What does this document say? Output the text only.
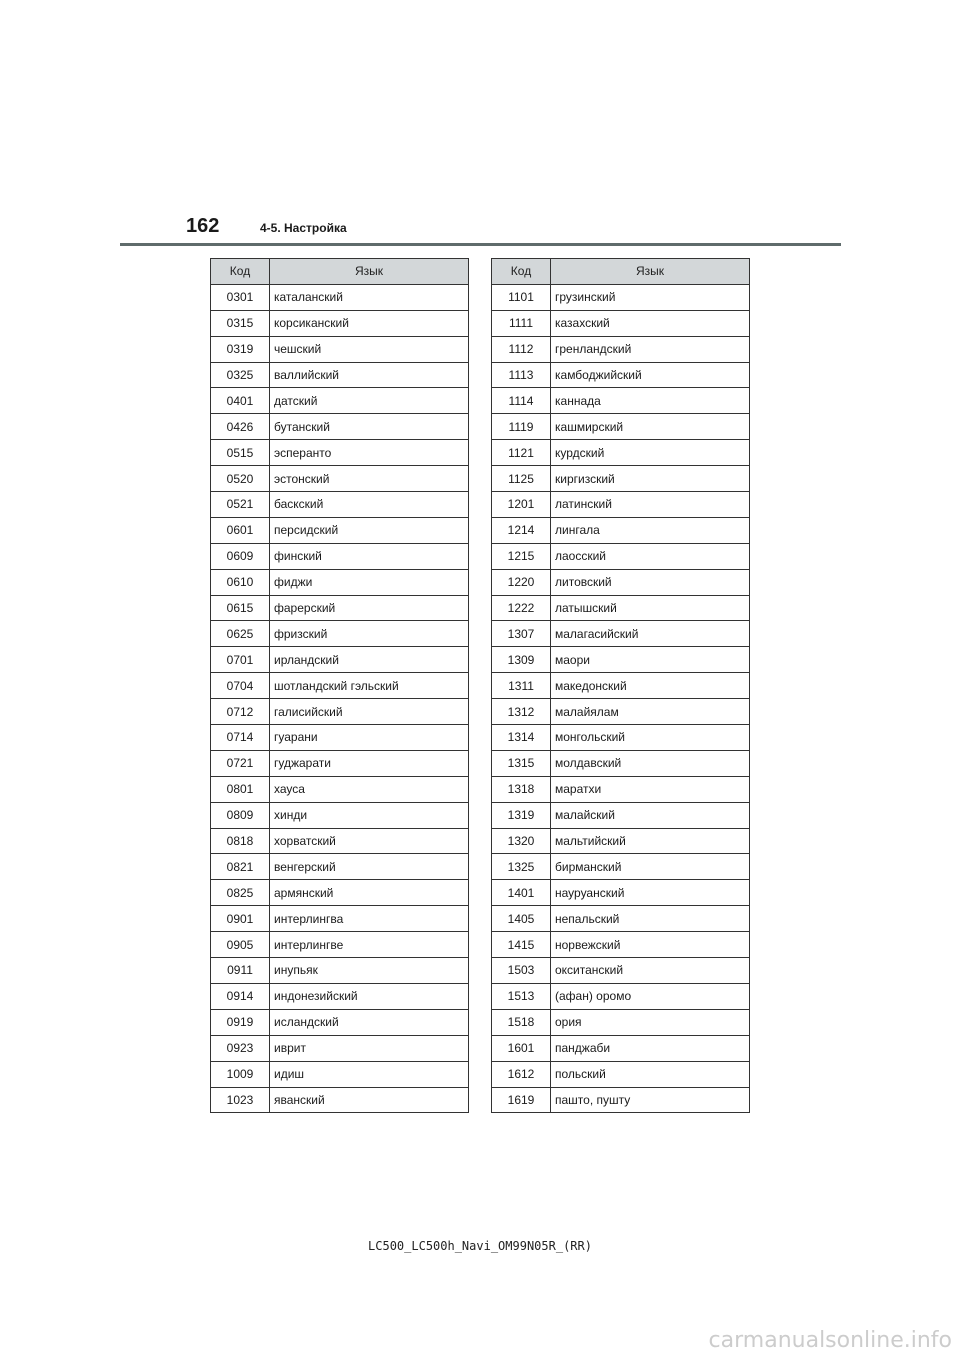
162	4-5. Настройка
Код	Язык
0301	каталанский
0315	корсиканский
0319	чешский
0325	валлийский
0401	датский
0426	бутанский
0515	эсперанто
0520	эстонский
0521	баскский
0601	персидский
0609	финский
0610	фиджи
0615	фарерский
0625	фризский
0701	ирландский
0704	шотландский гэльский
0712	галисийский
0714	гуарани
0721	гуджарати
0801	хауса
0809	хинди
0818	хорватский
0821	венгерский
0825	армянский
0901	интерлингва
0905	интерлингве
0911	инупьяк
0914	индонезийский
0919	исландский
0923	иврит
1009	идиш
1023	яванский
Код	Язык
1101	грузинский
1111	казахский
1112	гренландский
1113	камбоджийский
1114	каннада
1119	кашмирский
1121	курдский
1125	киргизский
1201	латинский
1214	лингала
1215	лаосский
1220	литовский
1222	латышский
1307	малагасийский
1309	маори
1311	македонский
1312	малайялам
1314	монгольский
1315	молдавский
1318	маратхи
1319	малайский
1320	мальтийский
1325	бирманский
1401	науруанский
1405	непальский
1415	норвежский
1503	окситанский
1513	(афан) оромо
1518	ория
1601	панджаби
1612	польский
1619	пашто, пушту
LC500_LC500h_Navi_OM99N05R_(RR)
carmanualsonline.info
